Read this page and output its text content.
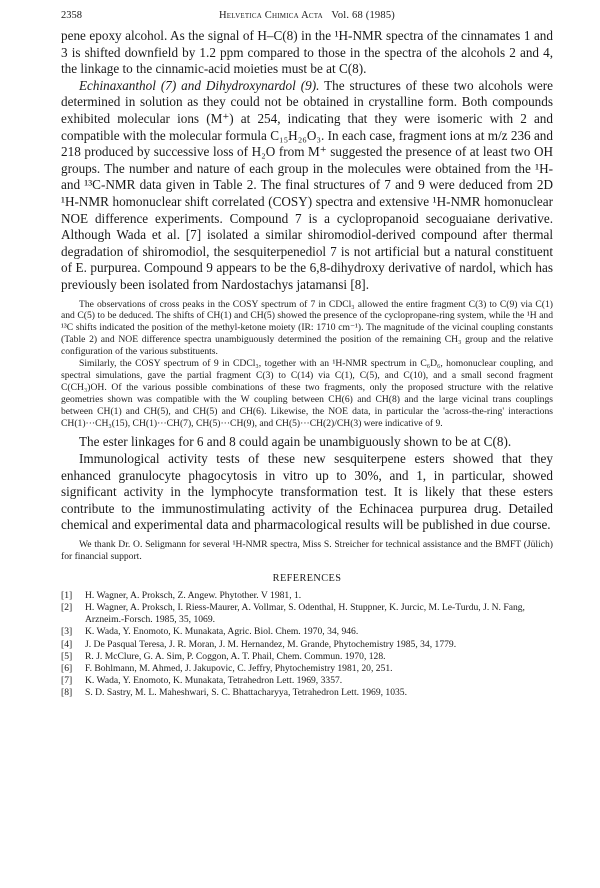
2358	Helvetica Chimica Acta Vol. 68 (1985)

pene epoxy alcohol. As the signal of H–C(8) in the ¹H-NMR spectra of the cinnamates 1 and 3 is shifted downfield by 1.2 ppm compared to those in the spectra of the alcohols 2 and 4, the linkage to the cinnamic-acid moieties must be at C(8).

Echinaxanthol (7) and Dihydroxynardol (9). The structures of these two alcohols were determined in solution as they could not be obtained in crystalline form. Both compounds exhibited molecular ions (M⁺) at 254, indicating that they were isomeric with 2 and compatible with the molecular formula C₁₅H₂₆O₃. In each case, fragment ions at m/z 236 and 218 produced by successive loss of H₂O from M⁺ suggested the presence of at least two OH groups. The number and nature of each group in the molecules were obtained from the ¹H- and ¹³C-NMR data given in Table 2. The final structures of 7 and 9 were deduced from 2D ¹H-NMR homonuclear shift correlated (COSY) spectra and extensive ¹H-NMR homonuclear NOE difference experiments. Compound 7 is a cyclopropanoid secoguaiane derivative. Although Wada et al. [7] isolated a similar shiromodiol-derived compound after thermal degradation of shiromodiol, the sesquiterpenediol 7 is not artificial but a natural constituent of E. purpurea. Compound 9 appears to be the 6,8-dihydroxy derivative of nardol, which has previously been isolated from Nardostachys jatamansi [8].

The observations of cross peaks in the COSY spectrum of 7 in CDCl₃ allowed the entire fragment C(3) to C(9) via C(1) and C(5) to be deduced. The shifts of CH(1) and CH(5) showed the presence of the cyclopropane-ring system, while the ¹H and ¹³C shifts indicated the position of the methyl-ketone moiety (IR: 1710 cm⁻¹). The magnitude of the vicinal coupling constants (Table 2) and NOE difference spectra unambiguously determined the position of the remaining CH₃ group and the relative configuration of the various substituents.

Similarly, the COSY spectrum of 9 in CDCl₃, together with an ¹H-NMR spectrum in C₆D₆, homonuclear coupling, and spectral simulations, gave the partial fragment C(3) to C(14) via C(1), C(5), and C(10), and a small second fragment C(CH₃)OH. Of the various possible combinations of these two fragments, only the proposed structure with the relative geometries shown was compatible with the W coupling between CH(6) and CH(8) and the large vicinal trans couplings between CH(1) and CH(5), and CH(5) and CH(6). Likewise, the NOE data, in particular the 'across-the-ring' interactions CH(1)···CH₃(15), CH(1)···CH(7), CH(5)···CH(9), and CH(5)···CH(2)/CH(3) were indicative of 9.

The ester linkages for 6 and 8 could again be unambiguously shown to be at C(8).

Immunological activity tests of these new sesquiterpene esters showed that they enhanced granulocyte phagocytosis in vitro up to 30%, and 1, in particular, showed significant activity in the lymphocyte transformation test. It is likely that these esters contribute to the immunostimulating activity of the Echinacea purpurea drug. Detailed chemical and experimental data and pharmacological results will be published in due course.

We thank Dr. O. Seligmann for several ¹H-NMR spectra, Miss S. Streicher for technical assistance and the BMFT (Jülich) for financial support.

REFERENCES
[1]	H. Wagner, A. Proksch, Z. Angew. Phytother. V 1981, 1.
[2]	H. Wagner, A. Proksch, I. Riess-Maurer, A. Vollmar, S. Odenthal, H. Stuppner, K. Jurcic, M. Le-Turdu, J. N. Fang, Arzneim.-Forsch. 1985, 35, 1069.
[3]	K. Wada, Y. Enomoto, K. Munakata, Agric. Biol. Chem. 1970, 34, 946.
[4]	J. De Pasqual Teresa, J. R. Moran, J. M. Hernandez, M. Grande, Phytochemistry 1985, 34, 1779.
[5]	R. J. McClure, G. A. Sim, P. Coggon, A. T. Phail, Chem. Commun. 1970, 128.
[6]	F. Bohlmann, M. Ahmed, J. Jakupovic, C. Jeffry, Phytochemistry 1981, 20, 251.
[7]	K. Wada, Y. Enomoto, K. Munakata, Tetrahedron Lett. 1969, 3357.
[8]	S. D. Sastry, M. L. Maheshwari, S. C. Bhattacharyya, Tetrahedron Lett. 1969, 1035.
